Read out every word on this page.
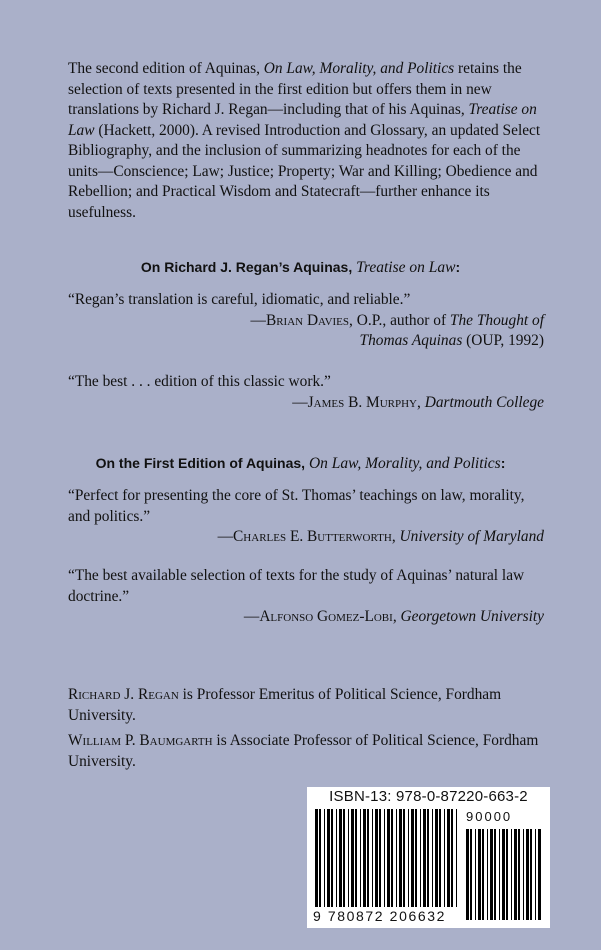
The second edition of Aquinas, On Law, Morality, and Politics retains the selection of texts presented in the first edition but offers them in new translations by Richard J. Regan—including that of his Aquinas, Treatise on Law (Hackett, 2000). A revised Introduction and Glossary, an updated Select Bibliography, and the inclusion of summarizing headnotes for each of the units—Conscience; Law; Justice; Property; War and Killing; Obedience and Rebellion; and Practical Wisdom and Statecraft—further enhance its usefulness.

On Richard J. Regan’s Aquinas, Treatise on Law:

“Regan’s translation is careful, idiomatic, and reliable.”

—Brian Davies, O.P., author of The Thought of Thomas Aquinas (OUP, 1992)

“The best . . . edition of this classic work.”

—James B. Murphy, Dartmouth College

On the First Edition of Aquinas, On Law, Morality, and Politics:

“Perfect for presenting the core of St. Thomas’ teachings on law, morality, and politics.”

—Charles E. Butterworth, University of Maryland

“The best available selection of texts for the study of Aquinas’ natural law doctrine.”

—Alfonso Gomez-Lobi, Georgetown University

Richard J. Regan is Professor Emeritus of Political Science, Fordham University.

William P. Baumgarth is Associate Professor of Political Science, Fordham University.

ISBN-13: 978-0-87220-663-2
90000
9 780872 206632
